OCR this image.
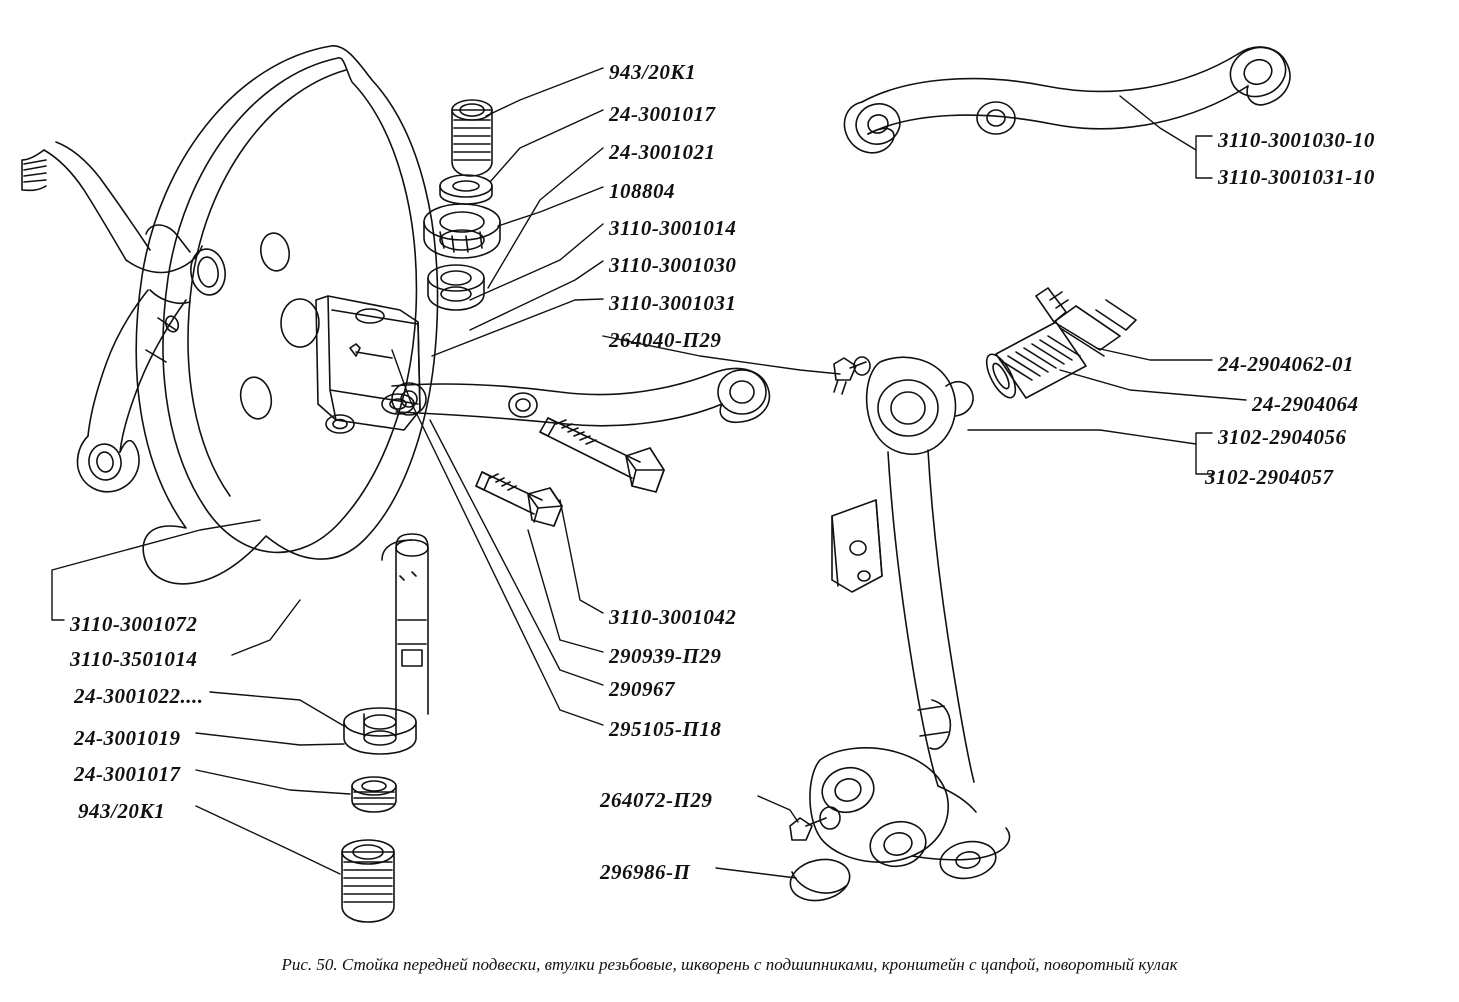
943/20К1
24-3001017
24-3001021
108804
3110-3001014
3110-3001030
3110-3001031
264040-П29
3110-3001030-10
3110-3001031-10
24-2904062-01
24-2904064
3102-2904056
3102-2904057
3110-3001072
3110-3501014
24-3001022....
24-3001019
24-3001017
943/20К1
3110-3001042
290939-П29
290967
295105-П18
264072-П29
296986-П
Рис. 50. Стойка передней подвески, втулки резьбовые, шкворень с подшипниками, кронштейн с цапфой, поворотный кулак
